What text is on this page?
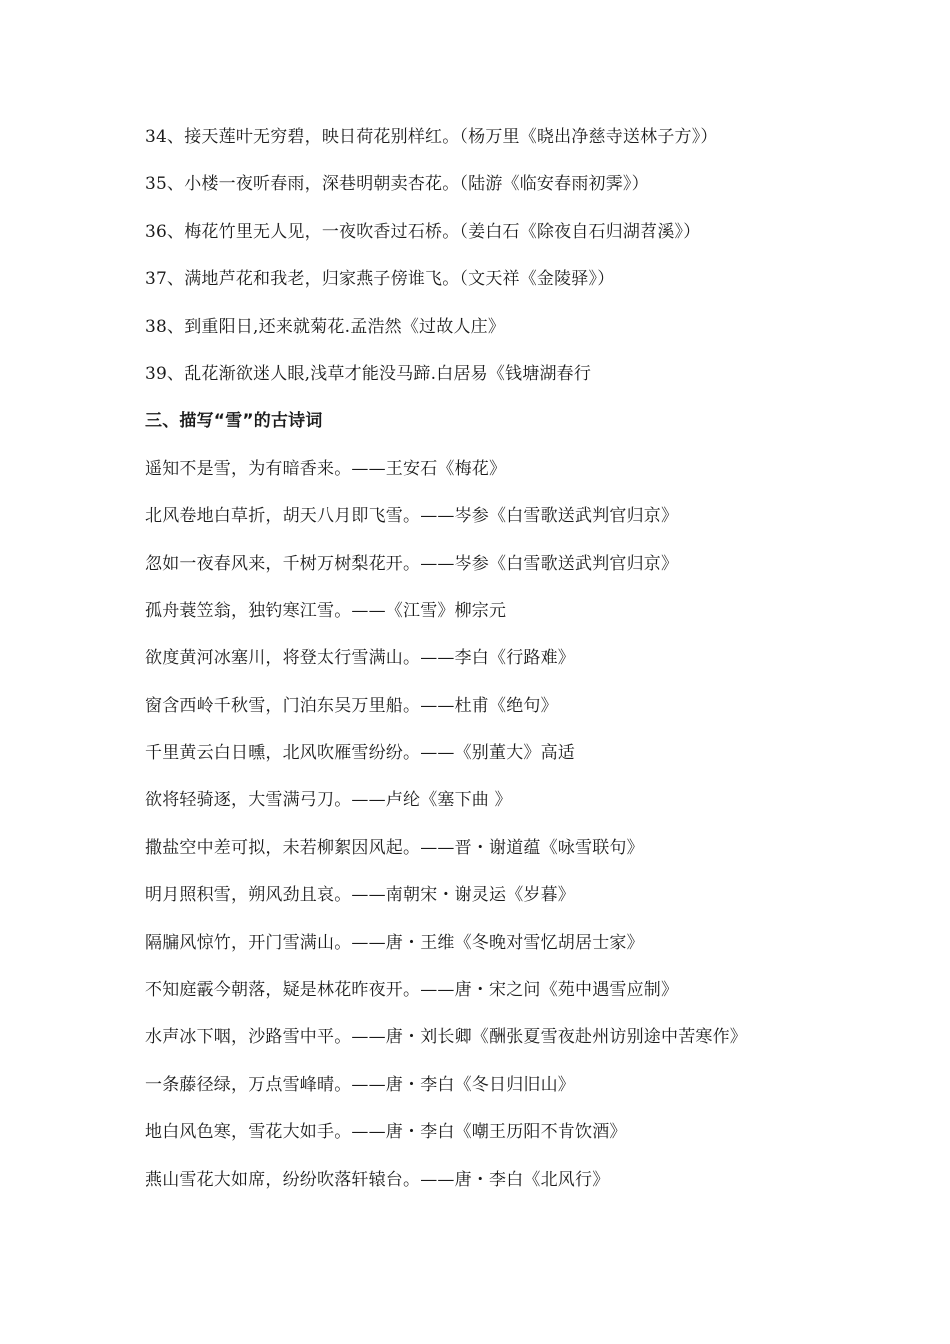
34、接天莲叶无穷碧，映日荷花别样红。（杨万里《晓出净慈寺送林子方》）
35、小楼一夜听春雨，深巷明朝卖杏花。（陆游《临安春雨初霁》）
36、梅花竹里无人见，一夜吹香过石桥。（姜白石《除夜自石归湖苕溪》）
37、满地芦花和我老，归家燕子傍谁飞。（文天祥《金陵驿》）
38、到重阳日,还来就菊花.孟浩然《过故人庄》
39、乱花渐欲迷人眼,浅草才能没马蹄.白居易《钱塘湖春行
三、描写“雪”的古诗词
遥知不是雪，为有暗香来。——王安石《梅花》
北风卷地白草折，胡天八月即飞雪。——岑参《白雪歌送武判官归京》
忽如一夜春风来，千树万树梨花开。——岑参《白雪歌送武判官归京》
孤舟蓑笠翁，独钓寒江雪。——《江雪》柳宗元
欲度黄河冰塞川，将登太行雪满山。——李白《行路难》
窗含西岭千秋雪，门泊东吴万里船。——杜甫《绝句》
千里黄云白日曛，北风吹雁雪纷纷。——《别董大》高适
欲将轻骑逐，大雪满弓刀。——卢纶《塞下曲 》
撒盐空中差可拟，未若柳絮因风起。——晋・谢道蕴《咏雪联句》
明月照积雪，朔风劲且哀。——南朝宋・谢灵运《岁暮》
隔牖风惊竹，开门雪满山。——唐・王维《冬晚对雪忆胡居士家》
不知庭霰今朝落，疑是林花昨夜开。——唐・宋之问《苑中遇雪应制》
水声冰下咽，沙路雪中平。——唐・刘长卿《酬张夏雪夜赴州访别途中苦寒作》
一条藤径绿，万点雪峰晴。——唐・李白《冬日归旧山》
地白风色寒，雪花大如手。——唐・李白《嘲王历阳不肯饮酒》
燕山雪花大如席，纷纷吹落轩辕台。——唐・李白《北风行》
